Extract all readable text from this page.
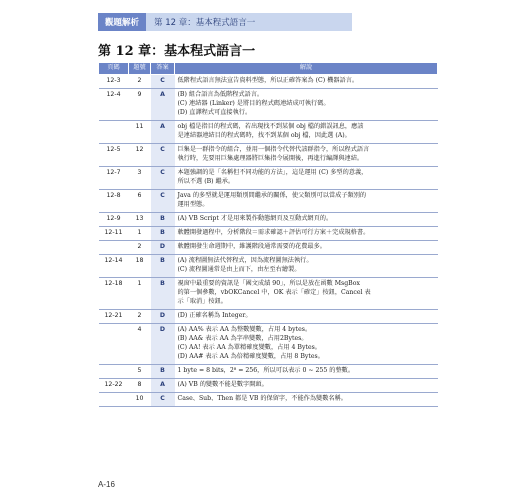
觀題解析	第 12 章：基本程式語言一
第 12 章：基本程式語言一
頁碼	題號	答案	解說
12-3	2	C	低階程式語言無法宣告資料型態，所以正確答案為 (C) 機器語言。

12-4	9	A	(B) 組合語言為低階程式語言。
(C) 連結器 (Linker) 是將目的程式碼連結成可執行碼。
(D) 直譯程式可直接執行。

	11	A	obj 檔是指目的程式碼，若出現找不到某個 obj 檔的錯誤訊息，應該
是連結器連結目的程式碼時，找不到某個 obj 檔，因此選 (A)。

12-5	12	C	巨集是一群指令的組合，並用一個指令代替代該群指令，所以程式語言
執行時，先要用巨集處理器將巨集指令展開後，再進行編譯與連結。

12-7	3	C	本題強調的是「名稱但不同功能的方法」，這是運用 (C) 多型的意義，
所以不選 (B) 繼承。

12-8	6	C	Java 的多型就是運用類別間繼承的關係，使父類別可以當成子類別的
運用型態。

12-9	13	B	(A) VB Script 才是用來製作動態網頁及互動式網頁的。

12-11	1	B	軟體開發過程中，分析階段＝需求確認＋評估可行方案＋完成規格書。

	2	D	軟體開發生命週期中，維護階段通常需要的花費最多。

12-14	18	B	(A) 流程圖無法代替程式，因為流程圖無法執行。
(C) 流程圖通常是由上而下，由左至右繪製。

12-18	1	B	視窗中最重要的資訊是「國文成績 90」，所以是放在函數 MsgBox
的第一個參數，vbOKCancel 中，OK 表示「確定」按鈕，Cancel 表
示「取消」按鈕。

12-21	2	D	(D) 正確名稱為 Integer。

	4	D	(A) AA% 表示 AA 為整數變數，占用 4 bytes。
(B) AA& 表示 AA 為字串變數，占用2Bytes。
(C) AA! 表示 AA 為單精確度變數，占用 4 Bytes。
(D) AA# 表示 AA 為倍精確度變數，占用 8 Bytes。

	5	B	1 byte = 8 bits，2⁸ = 256，所以可以表示 0 ~ 255 的整數。

12-22	8	A	(A) VB 的變數不能是數字開頭。

	10	C	Case、Sub、Then 都是 VB 的保留字，不能作為變數名稱。
A-16
